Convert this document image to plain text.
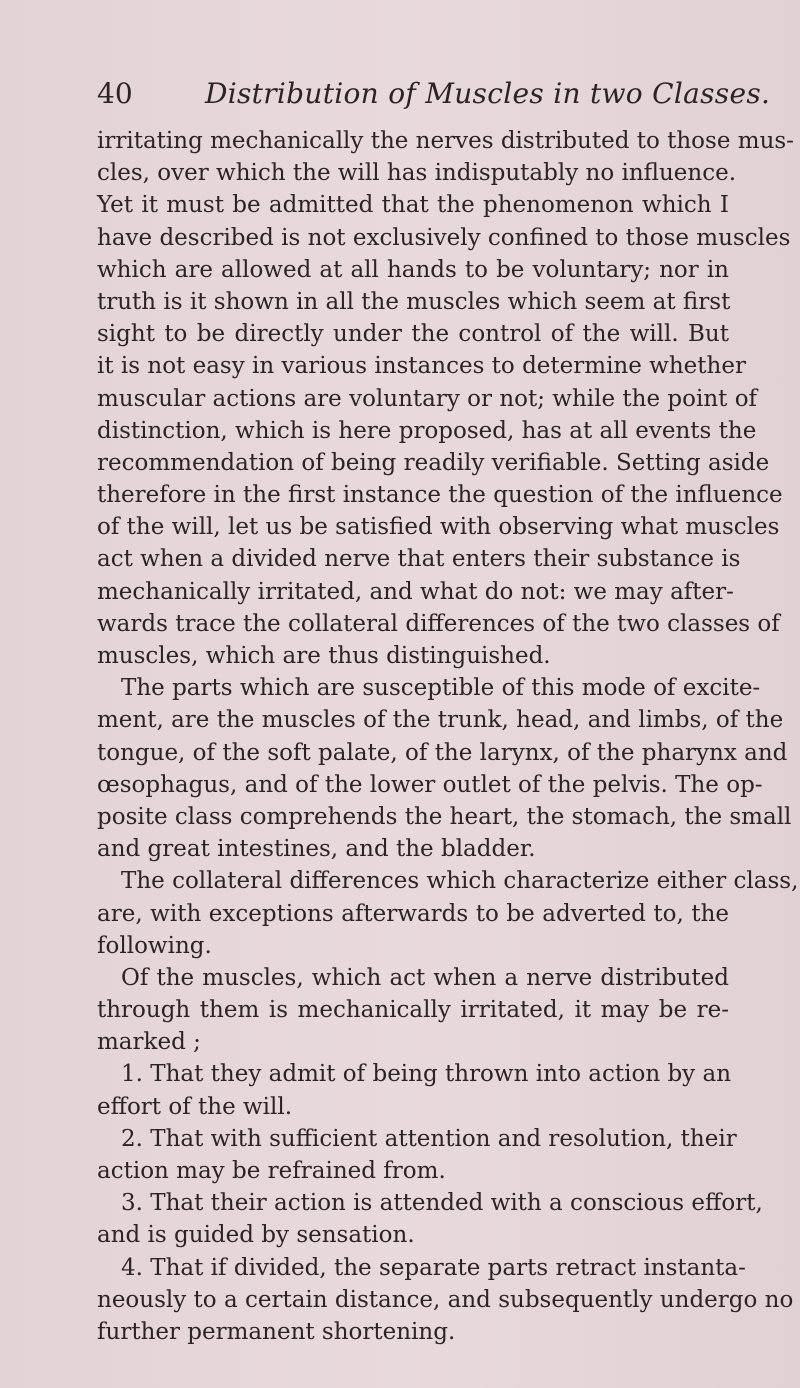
40	Distribution of Muscles in two Classes.
irritating mechanically the nerves distributed to those mus-
cles, over which the will has indisputably no influence.
Yet it must be admitted that the phenomenon which I
have described is not exclusively confined to those muscles
which are allowed at all hands to be voluntary; nor in
truth is it shown in all the muscles which seem at first
sight to be directly under the control of the will. But
it is not easy in various instances to determine whether
muscular actions are voluntary or not; while the point of
distinction, which is here proposed, has at all events the
recommendation of being readily verifiable. Setting aside
therefore in the first instance the question of the influence
of the will, let us be satisfied with observing what muscles
act when a divided nerve that enters their substance is
mechanically irritated, and what do not: we may after-
wards trace the collateral differences of the two classes of
muscles, which are thus distinguished.
The parts which are susceptible of this mode of excite-
ment, are the muscles of the trunk, head, and limbs, of the
tongue, of the soft palate, of the larynx, of the pharynx and
œsophagus, and of the lower outlet of the pelvis. The op-
posite class comprehends the heart, the stomach, the small
and great intestines, and the bladder.
The collateral differences which characterize either class,
are, with exceptions afterwards to be adverted to, the
following.
Of the muscles, which act when a nerve distributed
through them is mechanically irritated, it may be re-
marked ;
1. That they admit of being thrown into action by an
effort of the will.
2. That with sufficient attention and resolution, their
action may be refrained from.
3. That their action is attended with a conscious effort,
and is guided by sensation.
4. That if divided, the separate parts retract instanta-
neously to a certain distance, and subsequently undergo no
further permanent shortening.
